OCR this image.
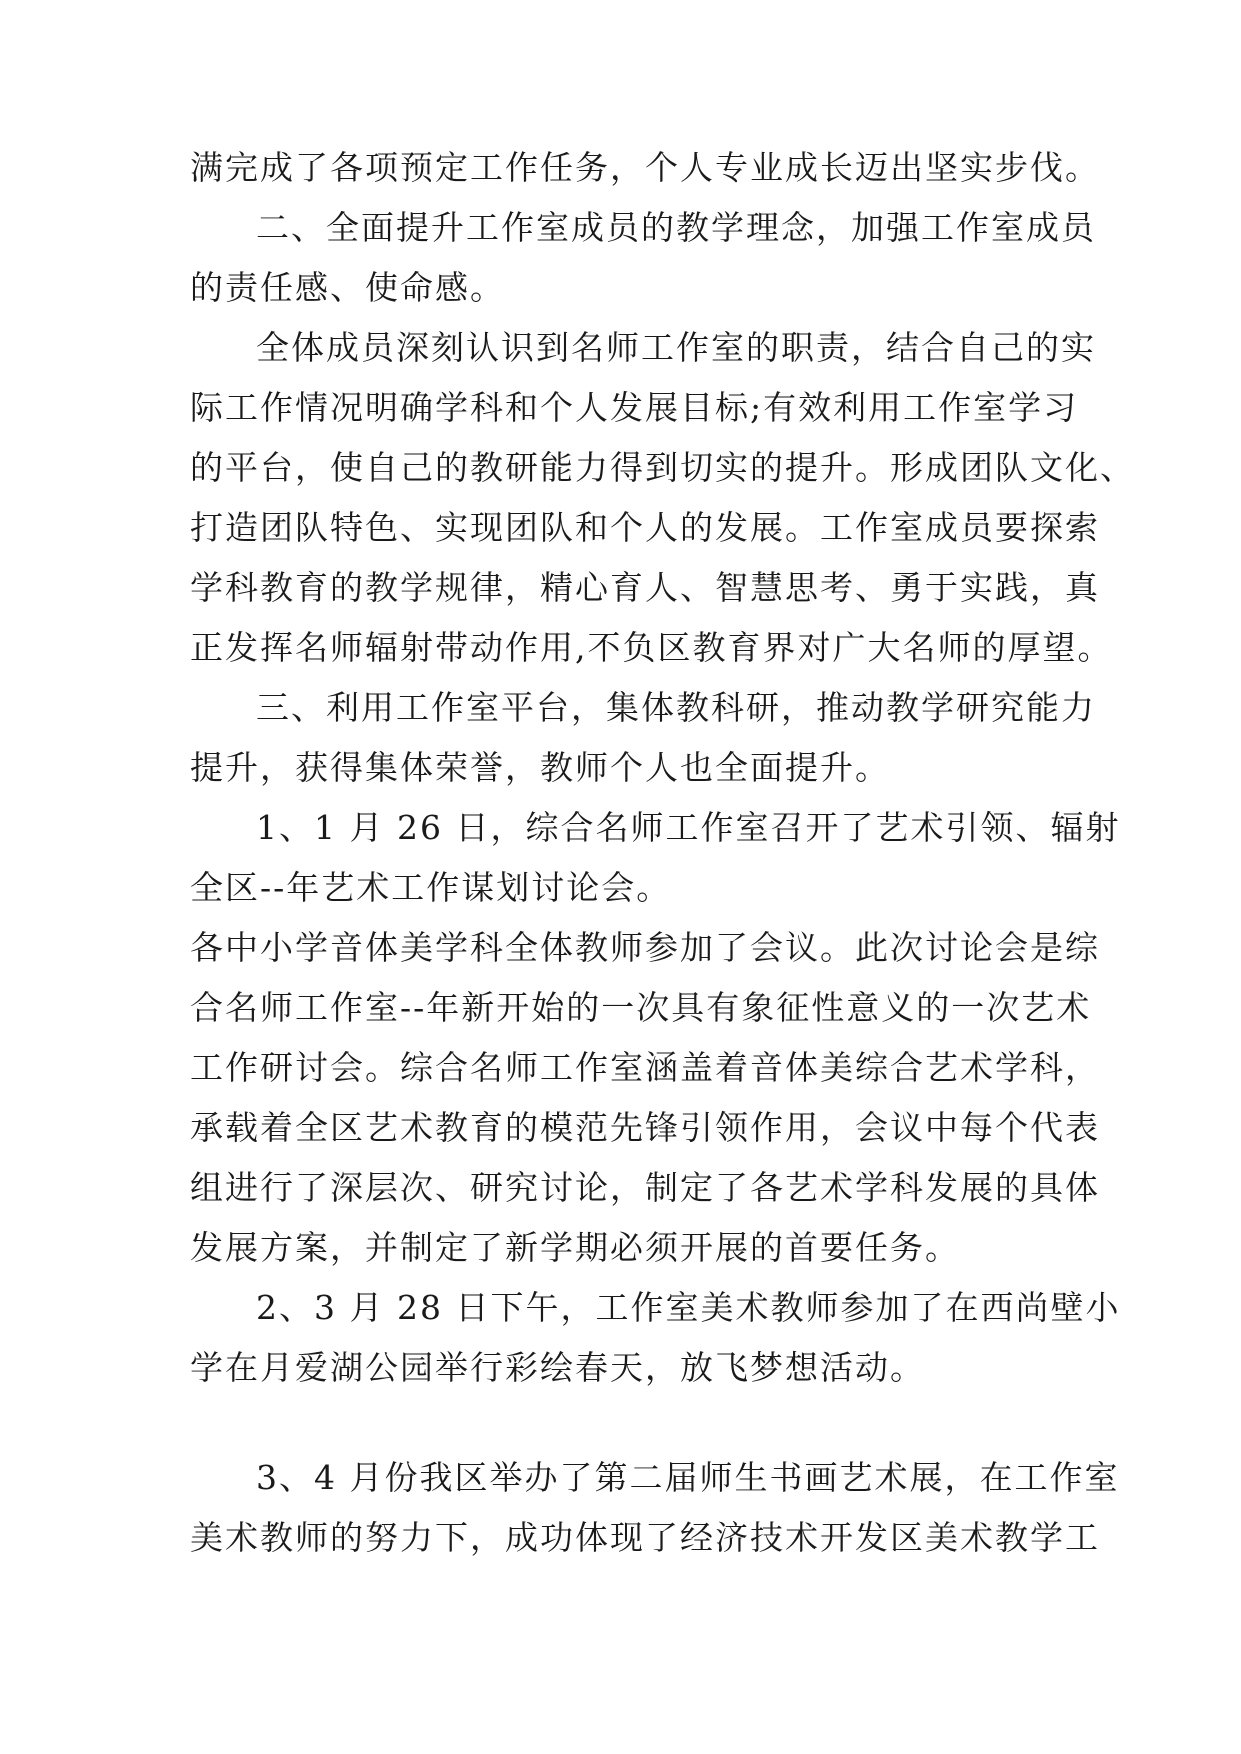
满完成了各项预定工作任务，个人专业成长迈出坚实步伐。
二、全面提升工作室成员的教学理念，加强工作室成员
的责任感、使命感。
全体成员深刻认识到名师工作室的职责，结合自己的实
际工作情况明确学科和个人发展目标;有效利用工作室学习
的平台，使自己的教研能力得到切实的提升。形成团队文化、
打造团队特色、实现团队和个人的发展。工作室成员要探索
学科教育的教学规律，精心育人、智慧思考、勇于实践，真
正发挥名师辐射带动作用,不负区教育界对广大名师的厚望。
三、利用工作室平台，集体教科研，推动教学研究能力
提升，获得集体荣誉，教师个人也全面提升。
1、1 月 26 日，综合名师工作室召开了艺术引领、辐射
全区--年艺术工作谋划讨论会。
各中小学音体美学科全体教师参加了会议。此次讨论会是综
合名师工作室--年新开始的一次具有象征性意义的一次艺术
工作研讨会。综合名师工作室涵盖着音体美综合艺术学科，
承载着全区艺术教育的模范先锋引领作用，会议中每个代表
组进行了深层次、研究讨论，制定了各艺术学科发展的具体
发展方案，并制定了新学期必须开展的首要任务。
2、3 月 28 日下午，工作室美术教师参加了在西尚壁小
学在月爱湖公园举行彩绘春天，放飞梦想活动。
3、4 月份我区举办了第二届师生书画艺术展，在工作室
美术教师的努力下，成功体现了经济技术开发区美术教学工
